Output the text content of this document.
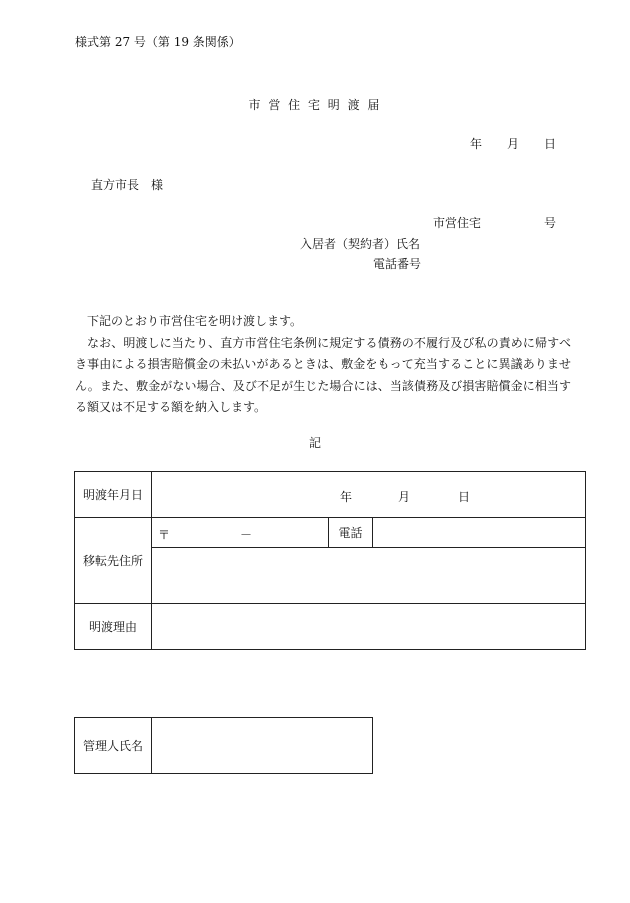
様式第 27 号（第 19 条関係）
市 営 住 宅 明 渡 届
年 月 日
直方市長　様
市営住宅	号
入居者（契約者）氏名
電話番号

下記のとおり市営住宅を明け渡します。

なお、明渡しに当たり、直方市営住宅条例に規定する債務の不履行及び私の責めに帰すべき事由による損害賠償金の未払いがあるときは、敷金をもって充当することに異議ありません。また、敷金がない場合、及び不足が生じた場合には、当該債務及び損害賠償金に相当する額又は不足する額を納入します。

記
明渡年月日	年 月 日		

移転先住所	〒 －	電話	

明渡理由			
管理人氏名	
